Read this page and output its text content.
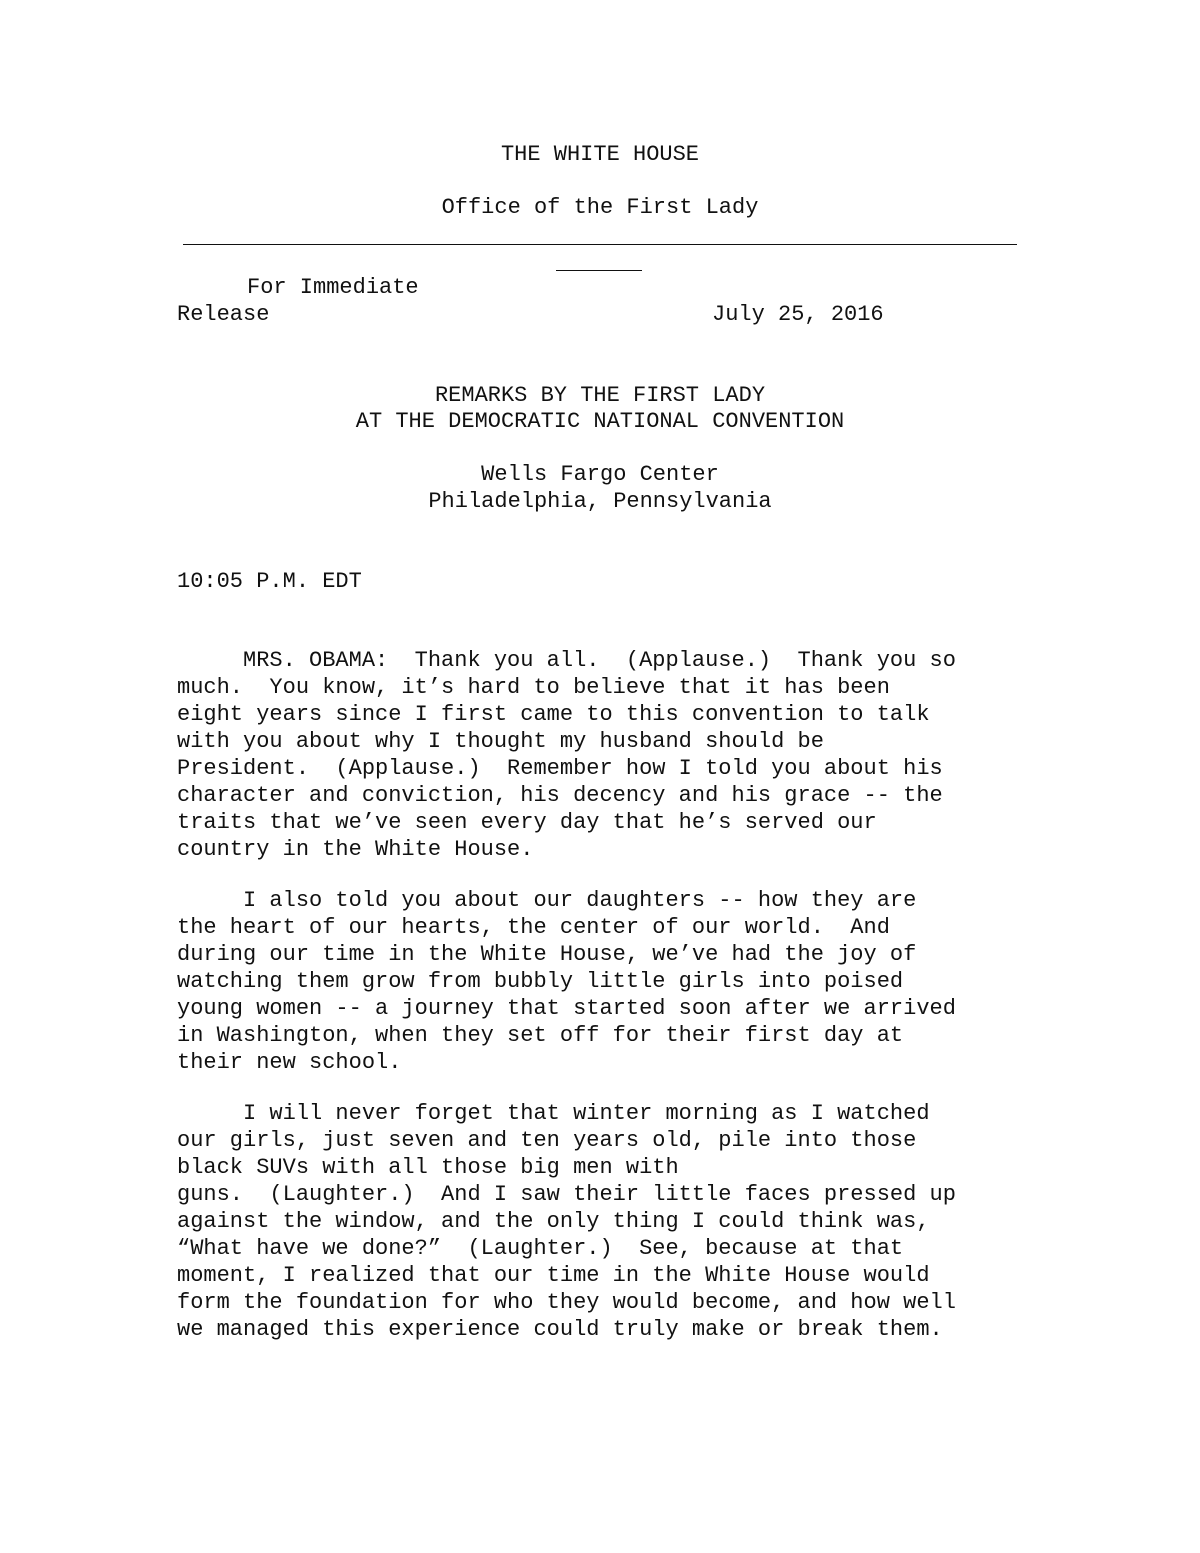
THE WHITE HOUSE
Office of the First Lady
For Immediate
Release	July 25, 2016
REMARKS BY THE FIRST LADY
AT THE DEMOCRATIC NATIONAL CONVENTION
Wells Fargo Center
Philadelphia, Pennsylvania
10:05 P.M. EDT
MRS. OBAMA:  Thank you all.  (Applause.)  Thank you so
much.  You know, it’s hard to believe that it has been
eight years since I first came to this convention to talk
with you about why I thought my husband should be
President.  (Applause.)  Remember how I told you about his
character and conviction, his decency and his grace -- the
traits that we’ve seen every day that he’s served our
country in the White House.
I also told you about our daughters -- how they are
the heart of our hearts, the center of our world.  And
during our time in the White House, we’ve had the joy of
watching them grow from bubbly little girls into poised
young women -- a journey that started soon after we arrived
in Washington, when they set off for their first day at
their new school.
I will never forget that winter morning as I watched
our girls, just seven and ten years old, pile into those
black SUVs with all those big men with
guns.  (Laughter.)  And I saw their little faces pressed up
against the window, and the only thing I could think was,
“What have we done?”  (Laughter.)  See, because at that
moment, I realized that our time in the White House would
form the foundation for who they would become, and how well
we managed this experience could truly make or break them.
